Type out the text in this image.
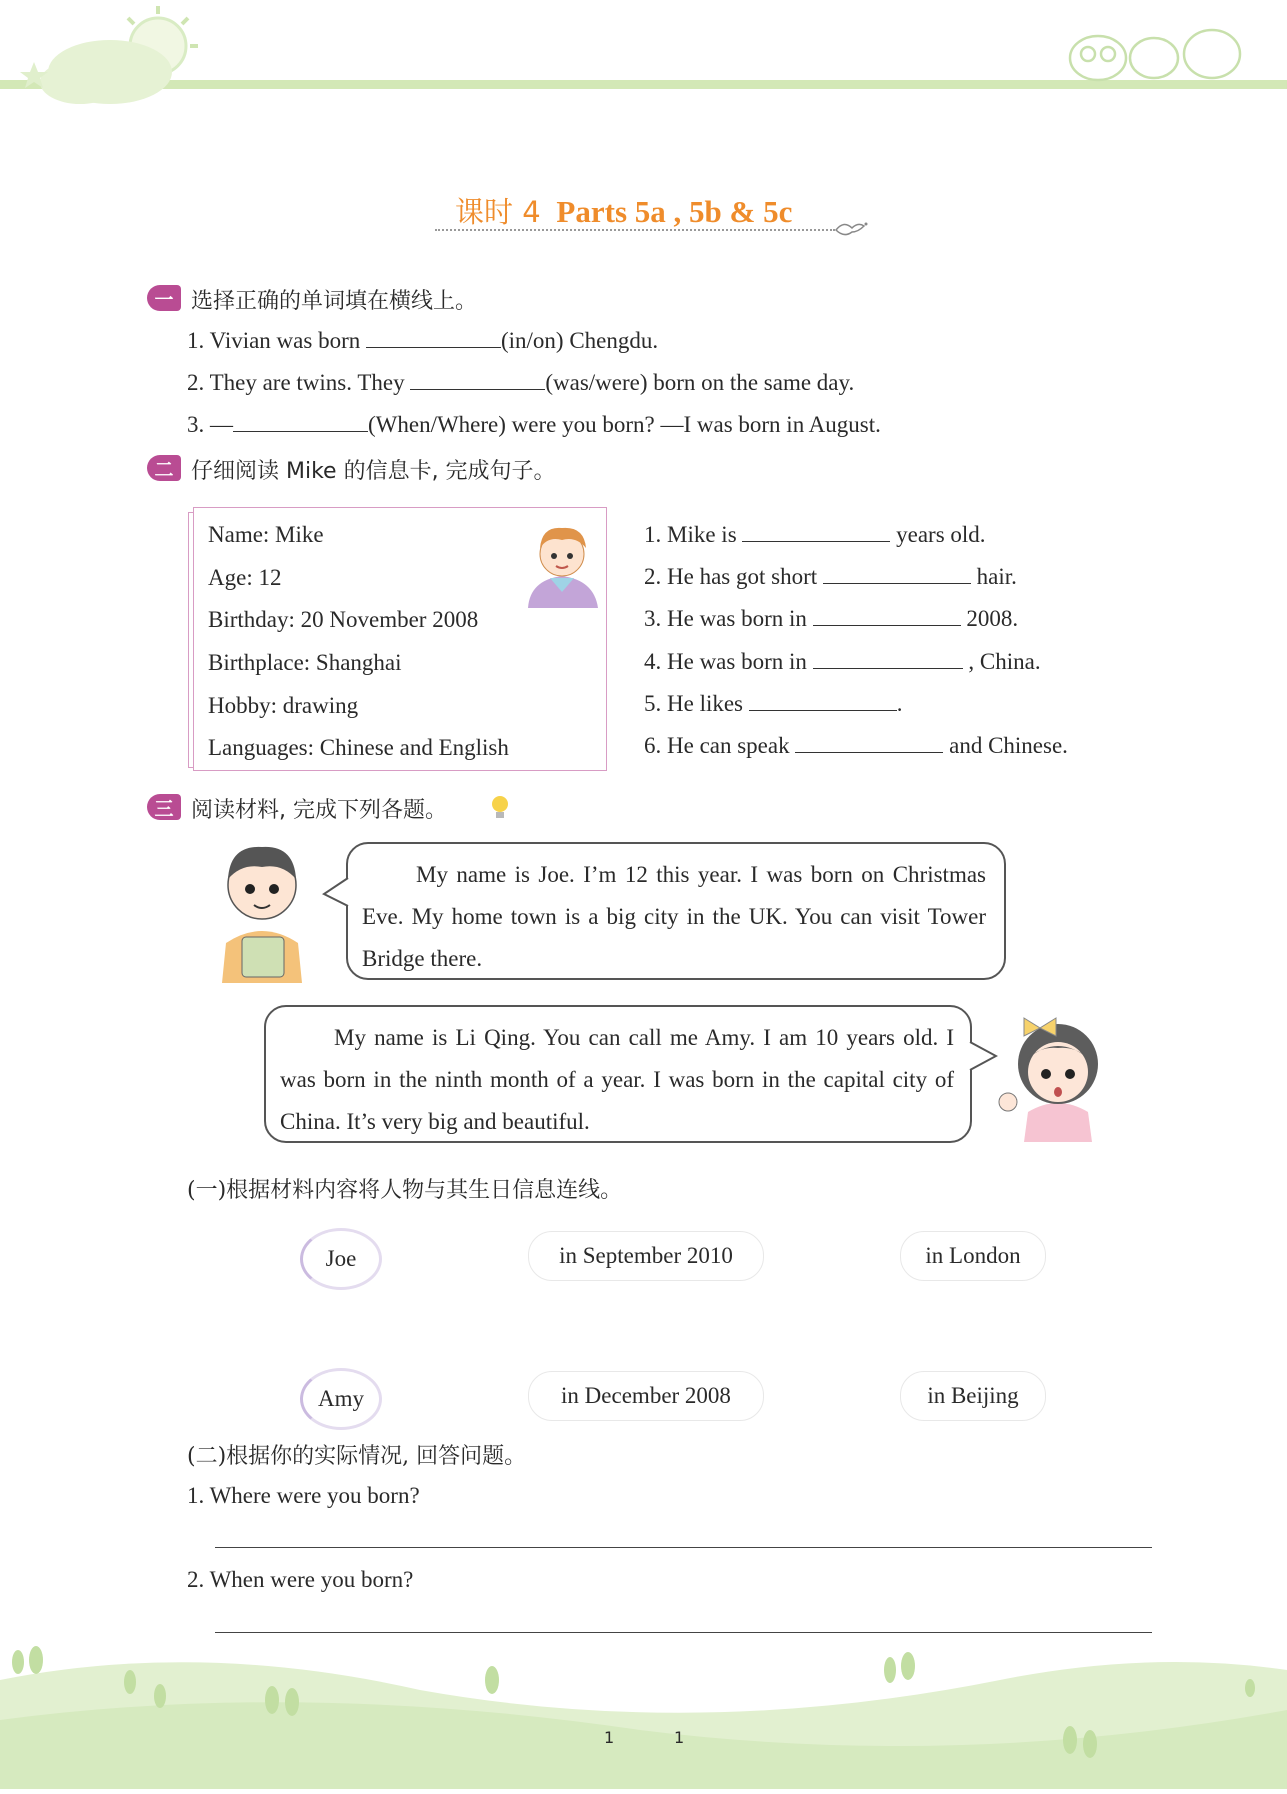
课时 4 Parts 5a , 5b & 5c
一 选择正确的单词填在横线上。
1. Vivian was born	(in/on) Chengdu.
2. They are twins. They	(was/were) born on the same day.
3. —	(When/Where) were you born? —I was born in August.
二 仔细阅读 Mike 的信息卡, 完成句子。
Name: Mike
Age: 12
Birthday: 20 November 2008
Birthplace: Shanghai
Hobby: drawing
Languages: Chinese and English
1. Mike is	years old.
2. He has got short	hair.
3. He was born in	2008.
4. He was born in	, China.
5. He likes	.
6. He can speak	and Chinese.
三 阅读材料, 完成下列各题。
My name is Joe. I’m 12 this year. I was born on Christmas Eve. My home town is a big city in the UK. You can visit Tower Bridge there.
My name is Li Qing. You can call me Amy. I am 10 years old. I was born in the ninth month of a year. I was born in the capital city of China. It’s very big and beautiful.
(一)根据材料内容将人物与其生日信息连线。
Joe	in September 2010	in London
Amy	in December 2008	in Beijing
(二)根据你的实际情况, 回答问题。
1. Where were you born?
2. When were you born?
1	1
